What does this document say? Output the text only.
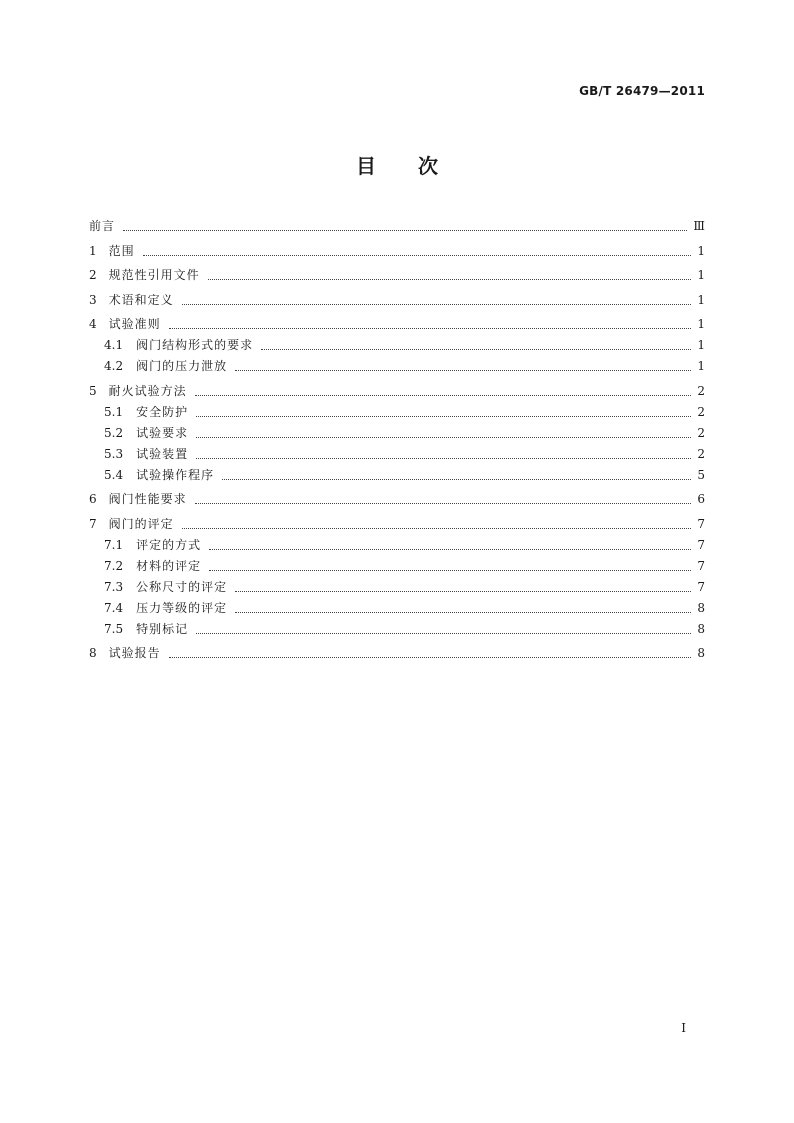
GB/T 26479—2011
目次
前言	Ⅲ
1 范围	1
2 规范性引用文件	1
3 术语和定义	1
4 试验准则	1
4.1 阀门结构形式的要求	1
4.2 阀门的压力泄放	1
5 耐火试验方法	2
5.1 安全防护	2
5.2 试验要求	2
5.3 试验装置	2
5.4 试验操作程序	5
6 阀门性能要求	6
7 阀门的评定	7
7.1 评定的方式	7
7.2 材料的评定	7
7.3 公称尺寸的评定	7
7.4 压力等级的评定	8
7.5 特别标记	8
8 试验报告	8
I
